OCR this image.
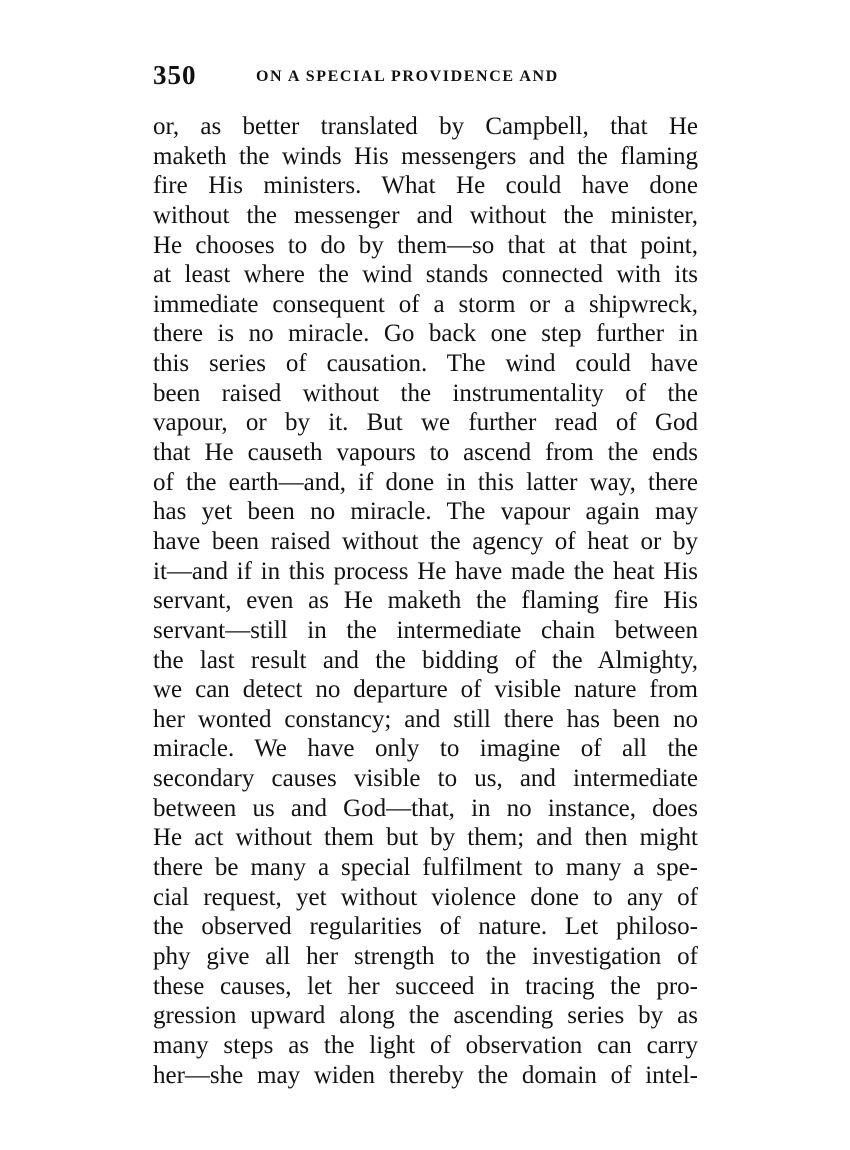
350	ON A SPECIAL PROVIDENCE AND
or, as better translated by Campbell, that He
maketh the winds His messengers and the flaming
fire His ministers. What He could have done
without the messenger and without the minister,
He chooses to do by them—so that at that point,
at least where the wind stands connected with its
immediate consequent of a storm or a shipwreck,
there is no miracle. Go back one step further in
this series of causation. The wind could have
been raised without the instrumentality of the
vapour, or by it. But we further read of God
that He causeth vapours to ascend from the ends
of the earth—and, if done in this latter way, there
has yet been no miracle. The vapour again may
have been raised without the agency of heat or by
it—and if in this process He have made the heat His
servant, even as He maketh the flaming fire His
servant—still in the intermediate chain between
the last result and the bidding of the Almighty,
we can detect no departure of visible nature from
her wonted constancy; and still there has been no
miracle. We have only to imagine of all the
secondary causes visible to us, and intermediate
between us and God—that, in no instance, does
He act without them but by them; and then might
there be many a special fulfilment to many a spe-
cial request, yet without violence done to any of
the observed regularities of nature. Let philoso-
phy give all her strength to the investigation of
these causes, let her succeed in tracing the pro-
gression upward along the ascending series by as
many steps as the light of observation can carry
her—she may widen thereby the domain of intel-
